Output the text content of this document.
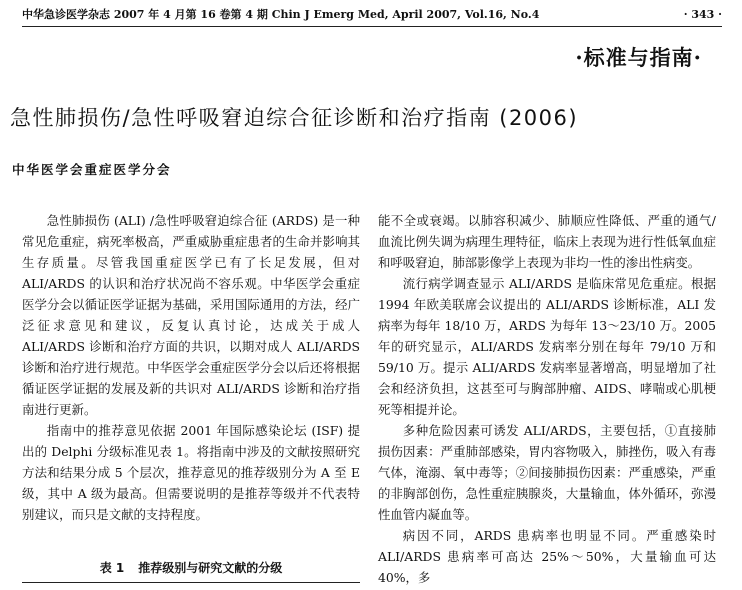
中华急诊医学杂志 2007 年 4 月第 16 卷第 4 期 Chin J Emerg Med, April 2007, Vol.16, No.4	· 343 ·
·标准与指南·
急性肺损伤/急性呼吸窘迫综合征诊断和治疗指南 (2006)
中华医学会重症医学分会

急性肺损伤 (ALI) /急性呼吸窘迫综合征 (ARDS) 是一种常见危重症，病死率极高，严重威胁重症患者的生命并影响其生存质量。尽管我国重症医学已有了长足发展，但对 ALI/ARDS 的认识和治疗状况尚不容乐观。中华医学会重症医学分会以循证医学证据为基础，采用国际通用的方法，经广泛征求意见和建议，反复认真讨论，达成关于成人 ALI/ARDS 诊断和治疗方面的共识，以期对成人 ALI/ARDS 诊断和治疗进行规范。中华医学会重症医学分会以后还将根据循证医学证据的发展及新的共识对 ALI/ARDS 诊断和治疗指南进行更新。

指南中的推荐意见依据 2001 年国际感染论坛 (ISF) 提出的 Delphi 分级标准见表 1。将指南中涉及的文献按照研究方法和结果分成 5 个层次，推荐意见的推荐级别分为 A 至 E 级，其中 A 级为最高。但需要说明的是推荐等级并不代表特别建议，而只是文献的支持程度。

表 1 推荐级别与研究文献的分级

能不全或衰竭。以肺容积减少、肺顺应性降低、严重的通气/血流比例失调为病理生理特征，临床上表现为进行性低氧血症和呼吸窘迫，肺部影像学上表现为非均一性的渗出性病变。

流行病学调查显示 ALI/ARDS 是临床常见危重症。根据 1994 年欧美联席会议提出的 ALI/ARDS 诊断标准，ALI 发病率为每年 18/10 万，ARDS 为每年 13～23/10 万。2005 年的研究显示，ALI/ARDS 发病率分别在每年 79/10 万和 59/10 万。提示 ALI/ARDS 发病率显著增高，明显增加了社会和经济负担，这甚至可与胸部肿瘤、AIDS、哮喘或心肌梗死等相提并论。

多种危险因素可诱发 ALI/ARDS，主要包括，①直接肺损伤因素：严重肺部感染，胃内容物吸入，肺挫伤，吸入有毒气体，淹溺、氧中毒等；②间接肺损伤因素：严重感染，严重的非胸部创伤，急性重症胰腺炎，大量输血，体外循环，弥漫性血管内凝血等。

病因不同，ARDS 患病率也明显不同。严重感染时 ALI/ARDS 患病率可高达 25%～50%，大量输血可达 40%，多
